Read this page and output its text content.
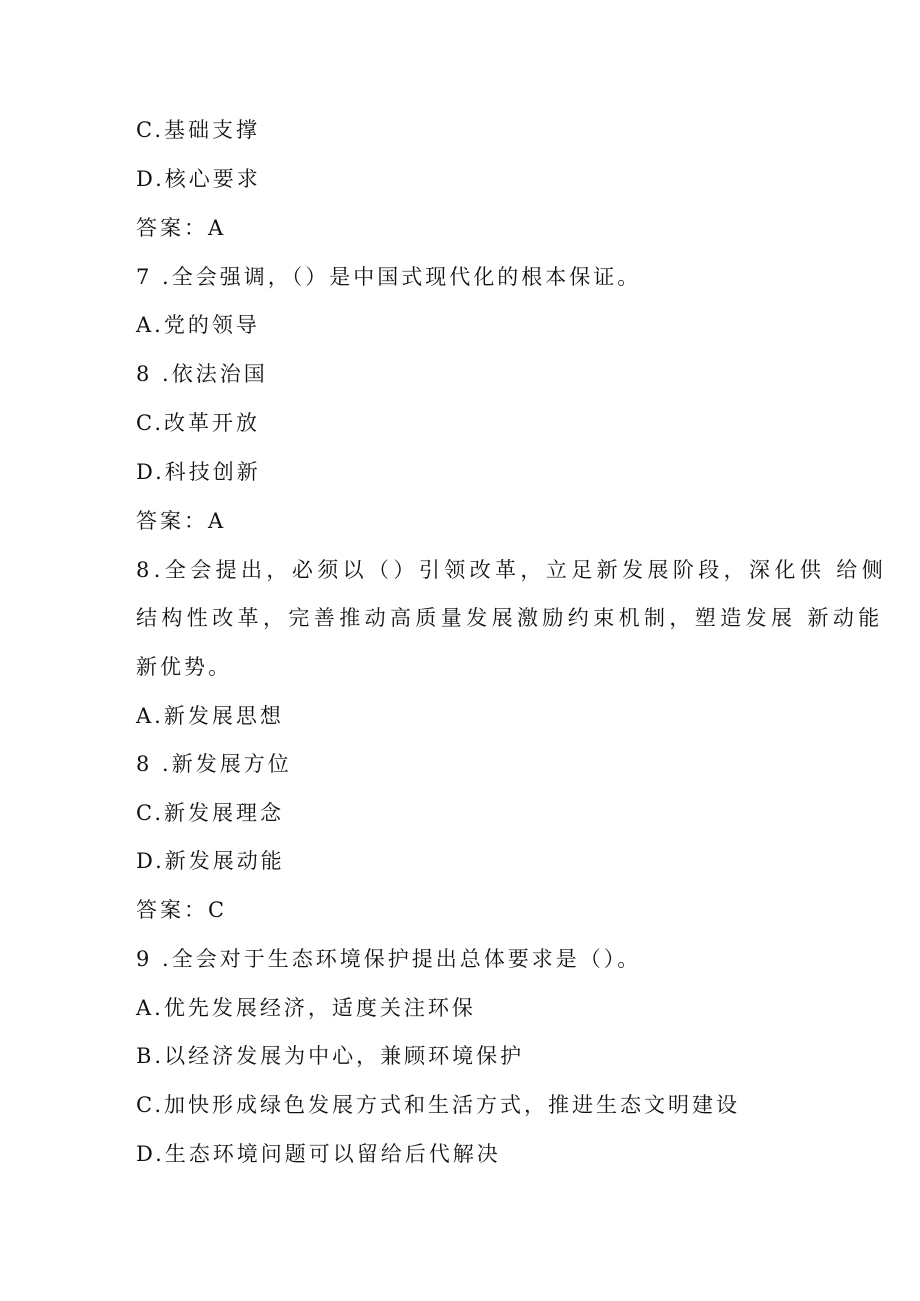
C.基础支撑
D.核心要求
答案：A
7 .全会强调，（）是中国式现代化的根本保证。
A.党的领导
8 .依法治国
C.改革开放
D.科技创新
答案：A
8.全会提出，必须以（）引领改革，立足新发展阶段，深化供 给侧
结构性改革，完善推动高质量发展激励约束机制，塑造发展 新动能
新优势。
A.新发展思想
8 .新发展方位
C.新发展理念
D.新发展动能
答案：C
9 .全会对于生态环境保护提出总体要求是（）。
A.优先发展经济，适度关注环保
B.以经济发展为中心，兼顾环境保护
C.加快形成绿色发展方式和生活方式，推进生态文明建设
D.生态环境问题可以留给后代解决
